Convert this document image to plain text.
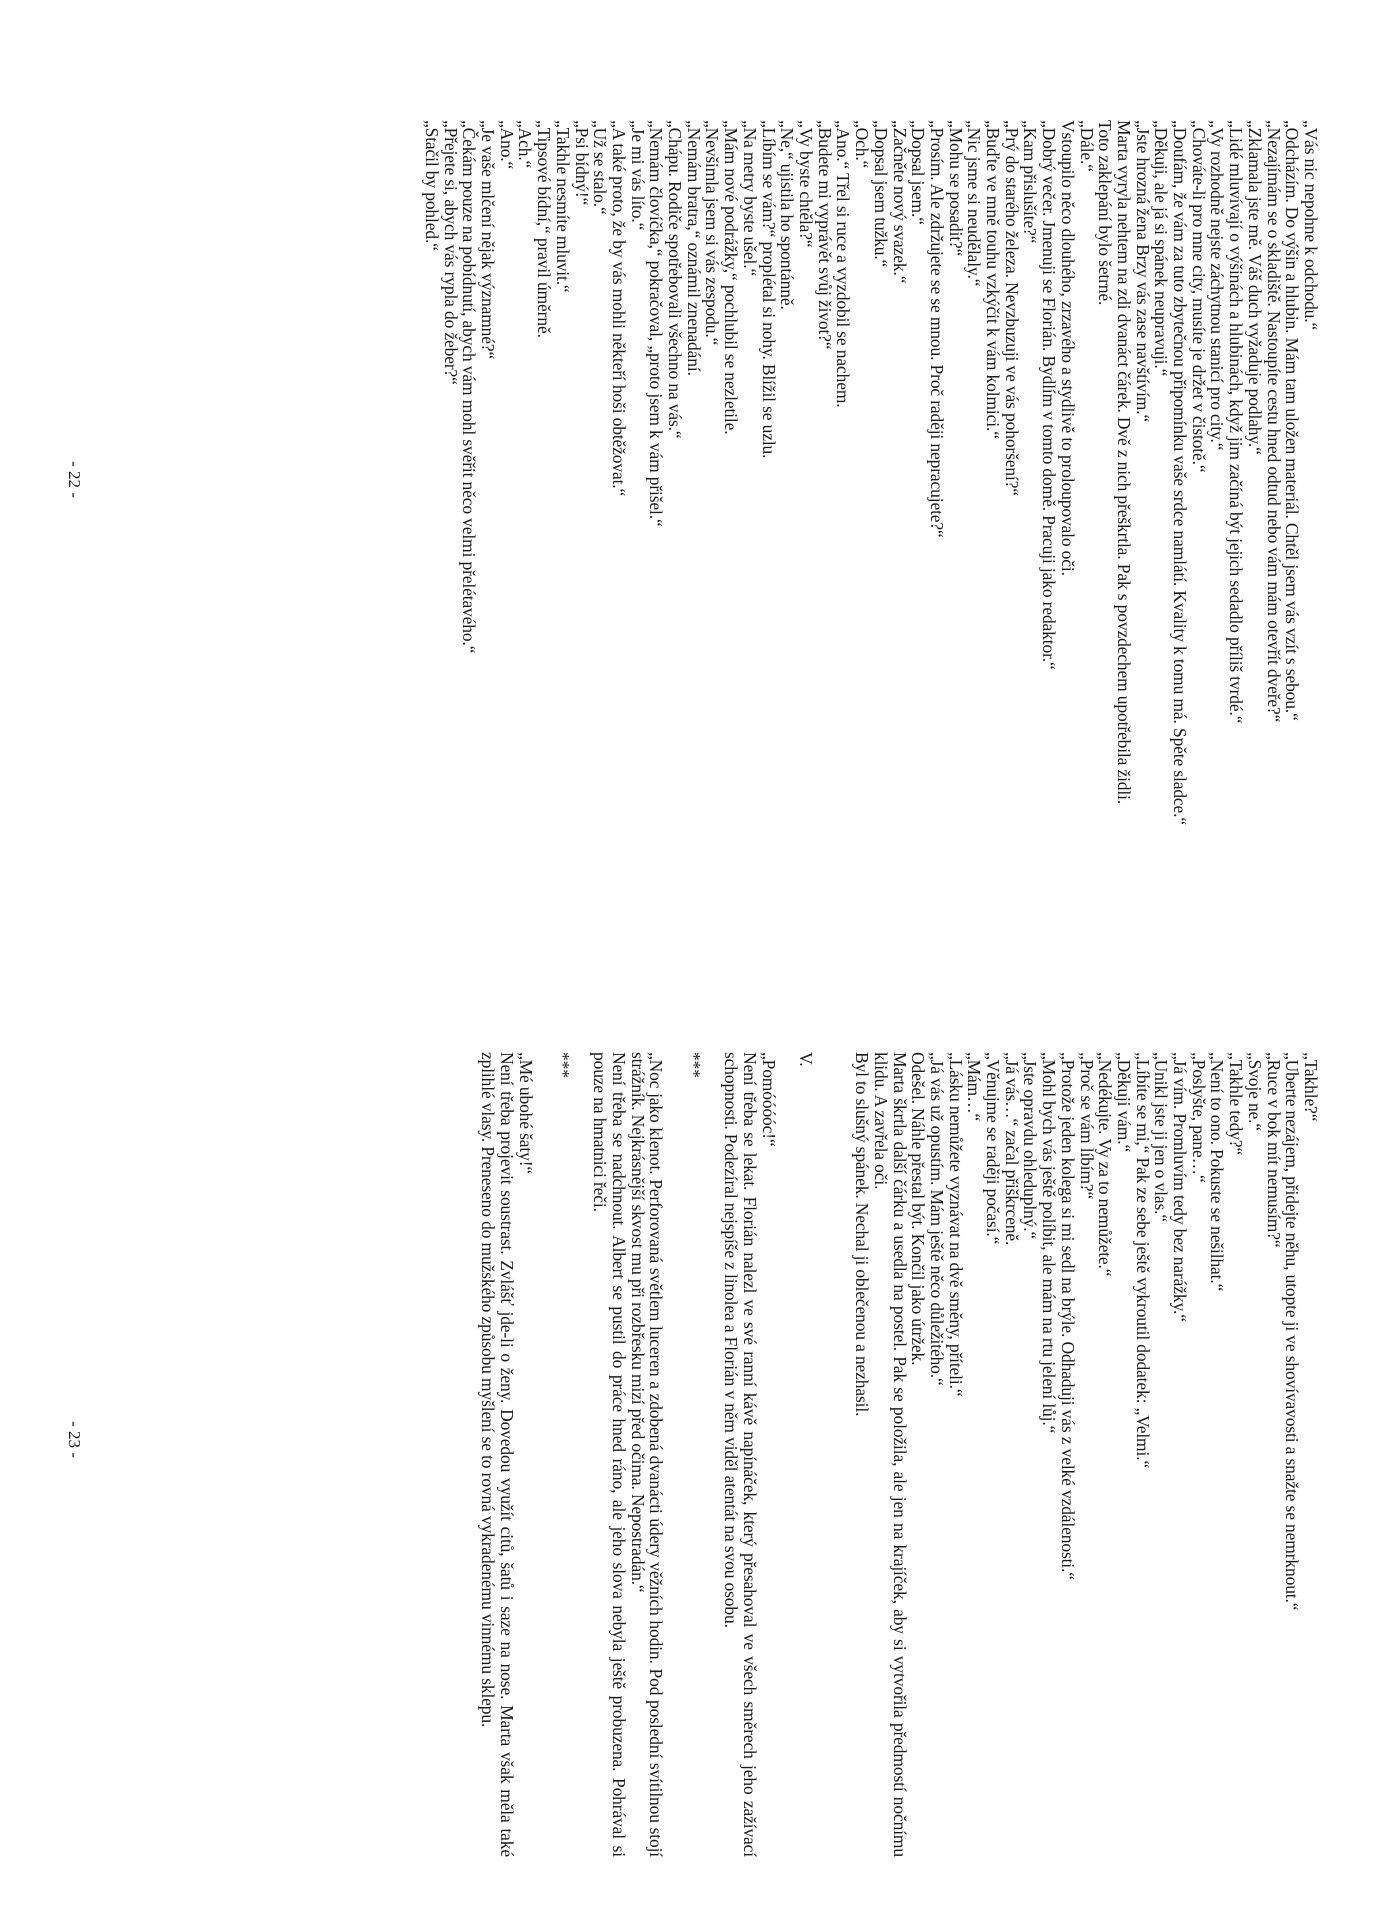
„Vás nic nepohne k odchodu.“

„Odcházím. Do výšin a hlubin. Mám tam uložen materiál. Chtěl jsem vás vzít s sebou.“

„Nezajímám se o skladiště. Nastoupíte cestu hned odtud nebo vám mám otevřít dveře?“

„Zklamala jste mě. Váš duch vyžaduje podlahy.“

„Lidé mluvívají o výšinách a hlubinách, když jim začíná být jejich sedadlo příliš tvrdé.“

„Vy rozhodně nejste záchytnou stanicí pro city.“

„Chováte-li pro mne city, musíte je držet v čistotě.“

„Doufám, že vám za tuto zbytečnou připomínku vaše srdce namlátí. Kvality k tomu má. Spěte sladce.“

„Děkuji, ale já si spánek neupravuji.“

„Jste hrozná žena Brzy vás zase navštívím.“

Marta vyryla nehtem na zdi dvanáct čárek. Dvě z nich přeškrtla. Pak s povzdechem upotřebila židli.

Toto zaklepání bylo šetrné.

„Dále.“

Vstoupilo něco dlouhého, zrzavého a stydlivě to proloupovalo oči.

„Dobrý večer. Jmenuji se Florián. Bydlím v tomto domě. Pracuji jako redaktor.“

„Kam přislušíte?“

„Prý do starého železa. Nevzbuzuji ve vás pohoršení?“

„Buďte ve mně touhu vzkýčit k vám kolmici.“

„Nic jsme si neudělaly.“

„Mohu se posadit?“

„Prosím. Ale zdržujete se se mnou. Proč raději nepracujete?“

„Dopsal jsem.“

„Začněte nový svazek.“

„Dopsal jsem tužku.“

„Och.“

„Ano.“ Třel si ruce a vyzdobil se nachem.

„Budete mi vyprávět svůj život?“

„Vy byste chtěla?“

„Ne,“ ujistila ho spontánně.

„Líbím se vám?“ proplétal si nohy. Blížil se uzlu.

„Na metry byste ušel.“

„Mám nové podrážky,“ pochlubil se nezletile.

„Nevšimla jsem si vás zespodu.“

„Nemám bratra,“ oznámil znenadání.

„Chápu. Rodiče spotřebovali všechno na vás.“

„Nemám človíčka,“ pokračoval, „proto jsem k vám přišel.“

„Je mi vás líto.“

„A také proto, že by vás mohli někteří hoši obtěžovat.“

„Už se stalo.“

„Psi bídný!“

„Takhle nesmíte mluvit.“

„Tipsové bídní,“ pravil úměrně.

„Ach.“

„Ano.“

„Je vaše mlčení nějak významné?“

„Čekám pouze na pobídnutí, abych vám mohl svěřit něco velmi přelétavého.“

„Přejete si, abych vás rypla do žeber?“

„Stačil by pohled.“

- 22 -

„Takhle?“

„Uberte nezájem, přidejte něhu, utopte ji ve shovívavosti a snažte se nemrknout.“

„Ruce v bok mít nemusím?“

„Svoje ne.“

„Takhle tedy?“

„Není to ono. Pokuste se nešilhat.“

„Poslyšte, pane…“

„Já vím. Promluvím tedy bez narážky.“

„Unikl jste ji jen o vlas.“

„Líbíte se mi,“ Pak ze sebe ještě vykroutil dodatek: „Velmi.“

„Děkuji vám.“

„Nedékujte. Vy za to nemůžete.“

„Proč se vám líbím?“

„Protože jeden kolega si mi sedl na brýle. Odhaduji vás z velké vzdálenosti.“

„Mohl bych vás ještě políbit, ale mám na rtu jelení lůj.“

„Jste opravdu ohleduplný.“

„Já vás…“ začal přiškrceně.

„Věnujme se raději počasí.“

„Mám…“

„Lásku nemůžete vyznávat na dvě směny, příteli.“

„Já vás už opustím. Mám ještě něco důležitého.“

Odešel. Náhle přestal být. Končil jako útržek.

Marta škrtla další čárku a usedla na postel. Pak se položila, ale jen na krajíček, aby si vytvořila předmostí nočnímu klidu. A zavřela oči.

Byl to slušný spánek. Nechal ji oblečenou a nezhasil.

V.

„Pomóóóóc!“

Není třeba se lekat. Florián nalezl ve své ranní kávě napínáček, který přesahoval ve všech směrech jeho zažívací schopnosti. Podezíral nejspíše z linolea a Florián v něm viděl atentát na svou osobu.

***

„Noc jako klenot. Perforovaná světlem luceren a zdobená dvanácti údery věžních hodin. Pod poslední svítilnou stojí strážník. Nejkrásnější skvost mu při rozbřesku mizí před očima. Nepostradán.“

Není třeba se nadchnout. Albert se pustil do práce hned ráno, ale jeho slova nebyla ještě probuzena. Pohrával si pouze na hmatnici řeči.

***

„Mé ubohé šaty!“

Není třeba projevit soustrast. Zvlášť jde-li o ženy. Dovedou využít citů, šatů i saze na nose. Marta však měla také zplihlé vlasy. Preneseno do mužského způsobu myšlení se to rovná vykradenému vinnému sklepu.

- 23 -
